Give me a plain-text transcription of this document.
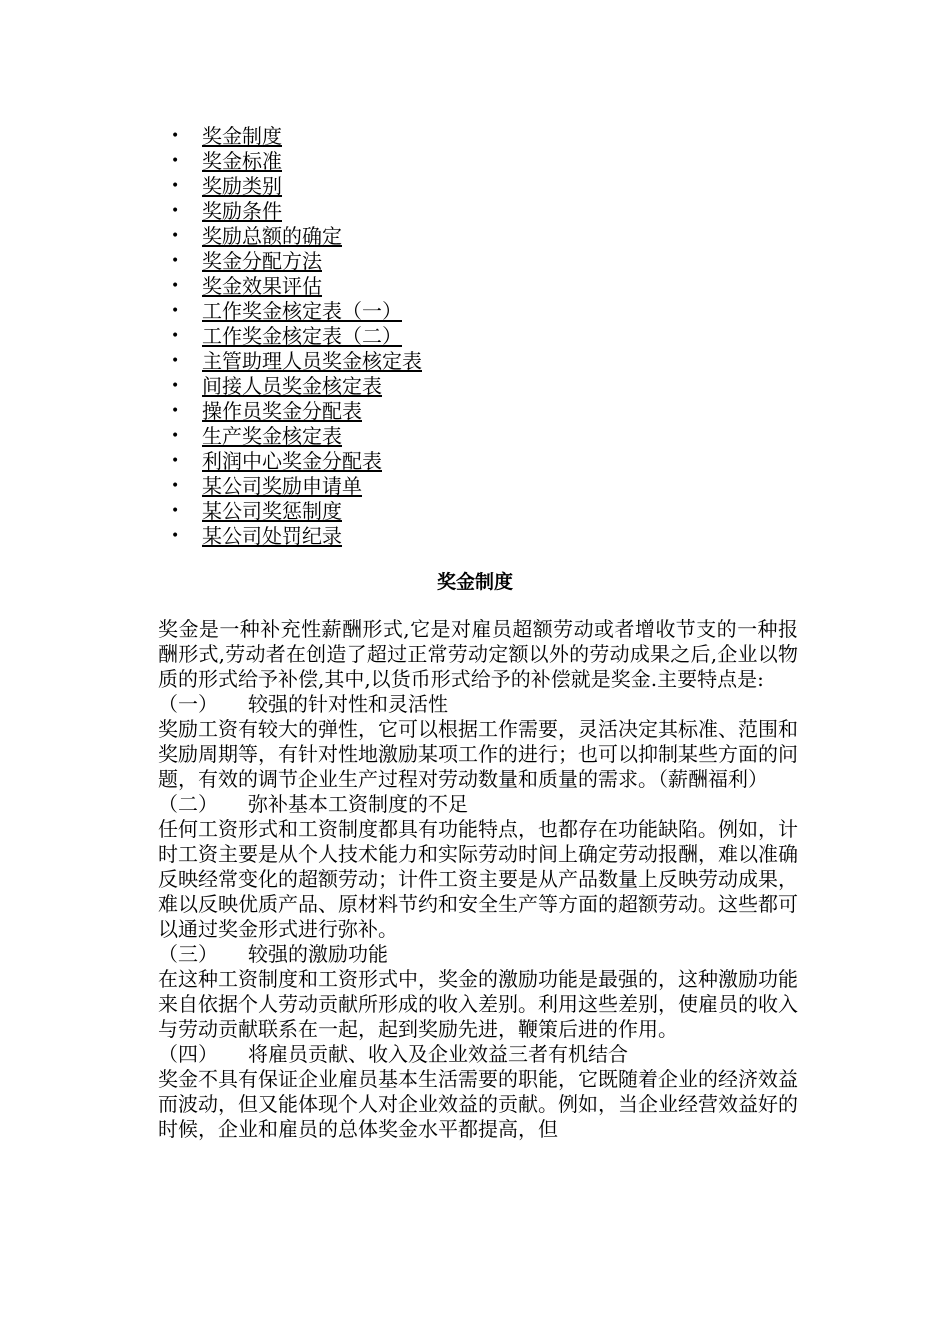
• 奖金制度
• 奖金标准
• 奖励类别
• 奖励条件
• 奖励总额的确定
• 奖金分配方法
• 奖金效果评估
• 工作奖金核定表（一）
• 工作奖金核定表（二）
• 主管助理人员奖金核定表
• 间接人员奖金核定表
• 操作员奖金分配表
• 生产奖金核定表
• 利润中心奖金分配表
• 某公司奖励申请单
• 某公司奖惩制度
• 某公司处罚纪录
奖金制度

奖金是一种补充性薪酬形式,它是对雇员超额劳动或者增收节支的一种报酬形式,劳动者在创造了超过正常劳动定额以外的劳动成果之后,企业以物质的形式给予补偿,其中,以货币形式给予的补偿就是奖金.主要特点是:

（一） 较强的针对性和灵活性

奖励工资有较大的弹性，它可以根据工作需要，灵活决定其标准、范围和奖励周期等，有针对性地激励某项工作的进行；也可以抑制某些方面的问题，有效的调节企业生产过程对劳动数量和质量的需求。（薪酬福利）

（二） 弥补基本工资制度的不足

任何工资形式和工资制度都具有功能特点，也都存在功能缺陷。例如，计时工资主要是从个人技术能力和实际劳动时间上确定劳动报酬，难以准确反映经常变化的超额劳动；计件工资主要是从产品数量上反映劳动成果，难以反映优质产品、原材料节约和安全生产等方面的超额劳动。这些都可以通过奖金形式进行弥补。

（三） 较强的激励功能

在这种工资制度和工资形式中，奖金的激励功能是最强的，这种激励功能来自依据个人劳动贡献所形成的收入差别。利用这些差别，使雇员的收入与劳动贡献联系在一起，起到奖励先进，鞭策后进的作用。

（四） 将雇员贡献、收入及企业效益三者有机结合

奖金不具有保证企业雇员基本生活需要的职能，它既随着企业的经济效益而波动，但又能体现个人对企业效益的贡献。例如，当企业经营效益好的时候，企业和雇员的总体奖金水平都提高，但
